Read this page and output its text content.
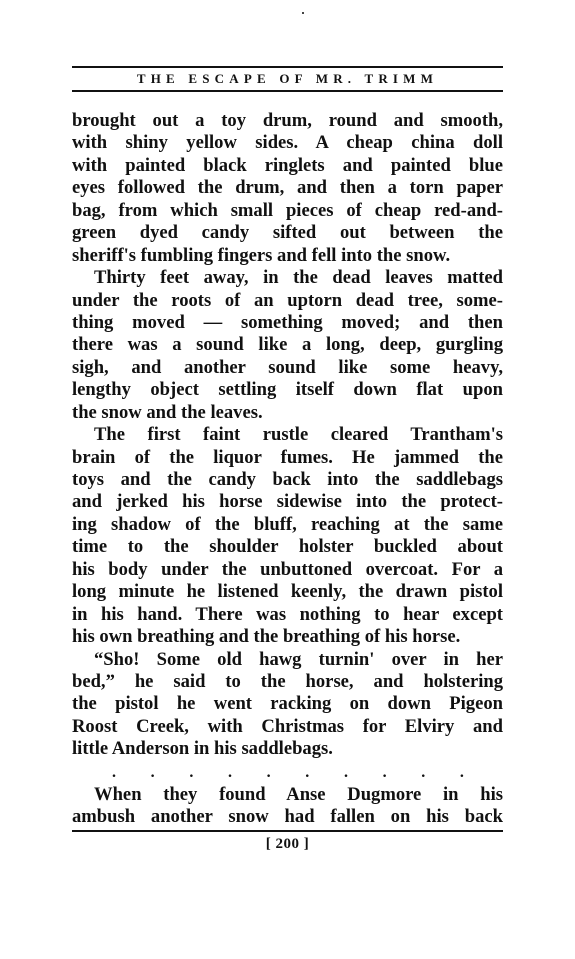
THE ESCAPE OF MR. TRIMM
brought out a toy drum, round and smooth,
with shiny yellow sides. A cheap china doll
with painted black ringlets and painted blue
eyes followed the drum, and then a torn paper
bag, from which small pieces of cheap red-and-
green dyed candy sifted out between the
sheriff's fumbling fingers and fell into the snow.
Thirty feet away, in the dead leaves matted
under the roots of an uptorn dead tree, some-
thing moved — something moved; and then
there was a sound like a long, deep, gurgling
sigh, and another sound like some heavy,
lengthy object settling itself down flat upon
the snow and the leaves.
The first faint rustle cleared Trantham's
brain of the liquor fumes. He jammed the
toys and the candy back into the saddlebags
and jerked his horse sidewise into the protect-
ing shadow of the bluff, reaching at the same
time to the shoulder holster buckled about
his body under the unbuttoned overcoat. For a
long minute he listened keenly, the drawn pistol
in his hand. There was nothing to hear except
his own breathing and the breathing of his horse.
“Sho! Some old hawg turnin' over in her
bed,” he said to the horse, and holstering
the pistol he went racking on down Pigeon
Roost Creek, with Christmas for Elviry and
little Anderson in his saddlebags.
. . . . . . . . . .
When they found Anse Dugmore in his
ambush another snow had fallen on his back
[ 200 ]
